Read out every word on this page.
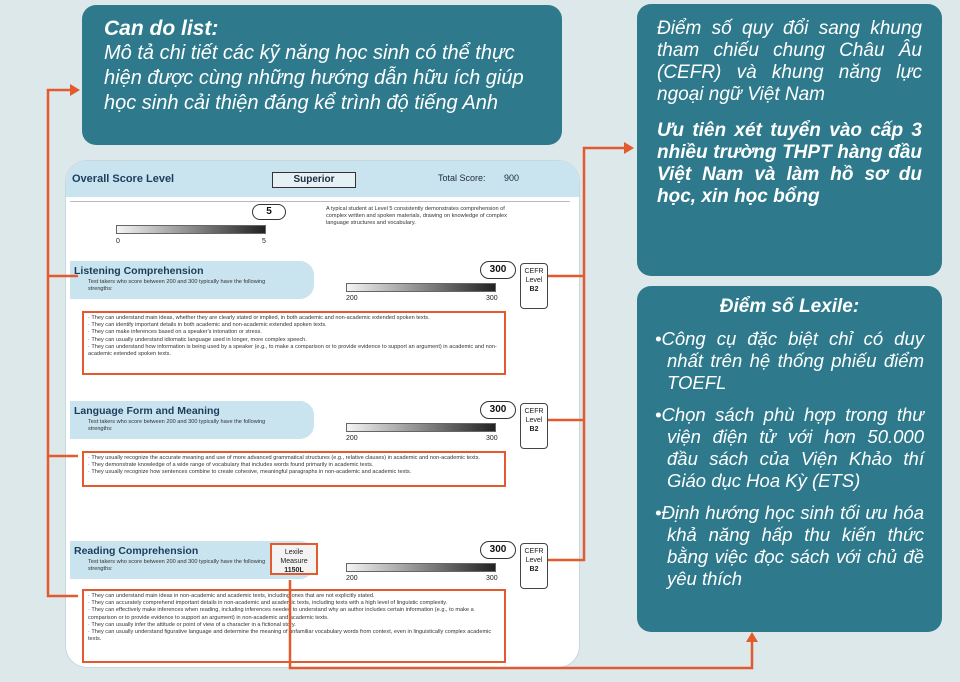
Can do list:
Mô tả chi tiết các kỹ năng học sinh có thể thực hiện được cùng những hướng dẫn hữu ích giúp học sinh cải thiện đáng kể trình độ tiếng Anh
Điểm số quy đổi sang khung tham chiếu chung Châu Âu (CEFR) và khung năng lực ngoại ngữ Việt Nam
Ưu tiên xét tuyển vào cấp 3 nhiều trường THPT hàng đầu Việt Nam và làm hồ sơ du học, xin học bổng
Điểm số Lexile:
•Công cụ đặc biệt chỉ có duy nhất trên hệ thống phiếu điểm TOEFL
•Chọn sách phù hợp trong thư viện điện tử với hơn 50.000 đầu sách của Viện Khảo thí Giáo dục Hoa Kỳ (ETS)
•Định hướng học sinh tối ưu hóa khả năng hấp thu kiến thức bằng việc đọc sách với chủ đề yêu thích
Overall Score Level	Superior	Total Score: 900
5
0	5
A typical student at Level 5 consistently demonstrates comprehension of complex written and spoken materials, drawing on knowledge of complex language structures and vocabulary.
Listening Comprehension
Test takers who score between 200 and 300 typically have the following strengths:
300
200	300
CEFR
Level
B2
· They can understand main ideas, whether they are clearly stated or implied, in both academic and non-academic extended spoken texts.
· They can identify important details in both academic and non-academic extended spoken texts.
· They can make inferences based on a speaker's intonation or stress.
· They can usually understand idiomatic language used in longer, more complex speech.
· They can understand how information is being used by a speaker (e.g., to make a comparison or to provide evidence to support an argument) in academic and non-academic extended spoken texts.
Language Form and Meaning
Test takers who score between 200 and 300 typically have the following strengths:
300
200	300
CEFR
Level
B2
· They usually recognize the accurate meaning and use of more advanced grammatical structures (e.g., relative clauses) in academic and non-academic texts.
· They demonstrate knowledge of a wide range of vocabulary that includes words found primarily in academic texts.
· They usually recognize how sentences combine to create cohesive, meaningful paragraphs in non-academic and academic texts.
Reading Comprehension
Test takers who score between 200 and 300 typically have the following strengths:
Lexile
Measure
1150L
300
200	300
CEFR
Level
B2
· They can understand main ideas in non-academic and academic texts, including ones that are not explicitly stated.
· They can accurately comprehend important details in non-academic and academic texts, including texts with a high level of linguistic complexity.
· They can effectively make inferences when reading, including inferences needed to understand why an author includes certain information (e.g., to make a comparison or to provide evidence to support an argument) in non-academic and academic texts.
· They can usually infer the attitude or point of view of a character in a fictional story.
· They can usually understand figurative language and determine the meaning of unfamiliar vocabulary words from context, even in linguistically complex academic texts.
